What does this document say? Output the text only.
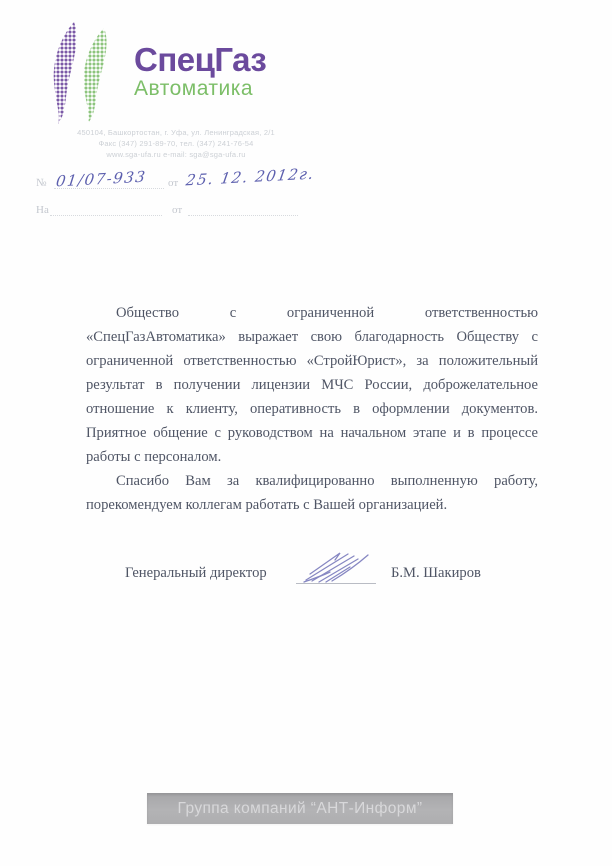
СпецГаз
Автоматика
450104, Башкортостан, г. Уфа, ул. Ленинградская, 2/1
Факс (347) 291-89-70, тел. (347) 241-76-54
www.sga-ufa.ru e-mail: sga@sga-ufa.ru
№ 01/07-933 от 25. 12. 2012г.
На	от

Общество с ограниченной ответственностью «СпецГазАвтоматика» выражает свою благодарность Обществу с ограниченной ответственностью «СтройЮрист», за положительный результат в получении лицензии МЧС России, доброжелательное отношение к клиенту, оперативность в оформлении документов. Приятное общение с руководством на начальном этапе и в процессе работы с персоналом.

Спасибо Вам за квалифицированно выполненную работу, порекомендуем коллегам работать с Вашей организацией.

Генеральный директор	Б.М. Шакиров
Группа компаний “АНТ-Информ”
